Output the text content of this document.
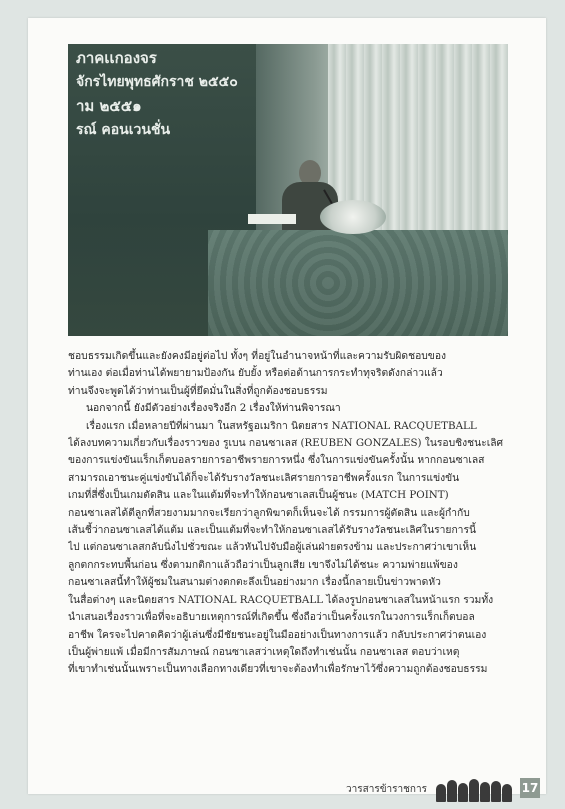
ภาคเเกองจร
จักรไทยพุทธศักราช ๒๕๕๐
าม ๒๕๕๑
รณ์ คอนเวนชั่น

ชอบธรรมเกิดขึ้นและยังคงมีอยู่ต่อไป ทั้งๆ ที่อยู่ในอำนาจหน้าที่และความรับผิดชอบของ
ท่านเอง ต่อเมื่อท่านได้พยายามป้องกัน ยับยั้ง หรือต่อต้านการกระทำทุจริตดังกล่าวแล้ว
ท่านจึงจะพูดได้ว่าท่านเป็นผู้ที่ยึดมั่นในสิ่งที่ถูกต้องชอบธรรม

นอกจากนี้ ยังมีตัวอย่างเรื่องจริงอีก 2 เรื่องให้ท่านพิจารณา

เรื่องแรก เมื่อหลายปีที่ผ่านมา ในสหรัฐอเมริกา นิตยสาร NATIONAL RACQUETBALL
ได้ลงบทความเกี่ยวกับเรื่องราวของ รูเบน กอนซาเลส (REUBEN GONZALES) ในรอบชิงชนะเลิศ
ของการแข่งขันแร็กเก็ตบอลรายการอาชีพรายการหนึ่ง ซึ่งในการแข่งขันครั้งนั้น หากกอนซาเลส
สามารถเอาชนะคู่แข่งขันได้ก็จะได้รับรางวัลชนะเลิศรายการอาชีพครั้งแรก ในการแข่งขัน
เกมที่สี่ซึ่งเป็นเกมตัดสิน และในแต้มที่จะทำให้กอนซาเลสเป็นผู้ชนะ (MATCH POINT)
กอนซาเลสได้ตีลูกที่สวยงามมากจะเรียกว่าลูกพิฆาตก็เห็นจะได้ กรรมการผู้ตัดสิน และผู้กำกับ
เส้นชี้ว่ากอนซาเลสได้แต้ม และเป็นแต้มที่จะทำให้กอนซาเลสได้รับรางวัลชนะเลิศในรายการนี้
ไป แต่กอนซาเลสกลับนิ่งไปชั่วขณะ แล้วหันไปจับมือผู้เล่นฝ่ายตรงข้าม และประกาศว่าเขาเห็น
ลูกตกกระทบพื้นก่อน ซึ่งตามกติกาแล้วถือว่าเป็นลูกเสีย เขาจึงไม่ได้ชนะ ความพ่ายแพ้ของ
กอนซาเลสนี้ทำให้ผู้ชมในสนามต่างตกตะลึงเป็นอย่างมาก เรื่องนี้กลายเป็นข่าวพาดหัว
ในสื่อต่างๆ และนิตยสาร NATIONAL RACQUETBALL ได้ลงรูปกอนซาเลสในหน้าแรก รวมทั้ง
นำเสนอเรื่องราวเพื่อที่จะอธิบายเหตุการณ์ที่เกิดขึ้น ซึ่งถือว่าเป็นครั้งแรกในวงการแร็กเก็ตบอล
อาชีพ ใครจะไปคาดคิดว่าผู้เล่นซึ่งมีชัยชนะอยู่ในมืออย่างเป็นทางการแล้ว กลับประกาศว่าตนเอง
เป็นผู้พ่ายแพ้ เมื่อมีการสัมภาษณ์ กอนซาเลสว่าเหตุใดถึงทำเช่นนั้น กอนซาเลส ตอบว่าเหตุ
ที่เขาทำเช่นนั้นเพราะเป็นทางเลือกทางเดียวที่เขาจะต้องทำเพื่อรักษาไว้ซึ่งความถูกต้องชอบธรรม

วารสารข้าราชการ	17
